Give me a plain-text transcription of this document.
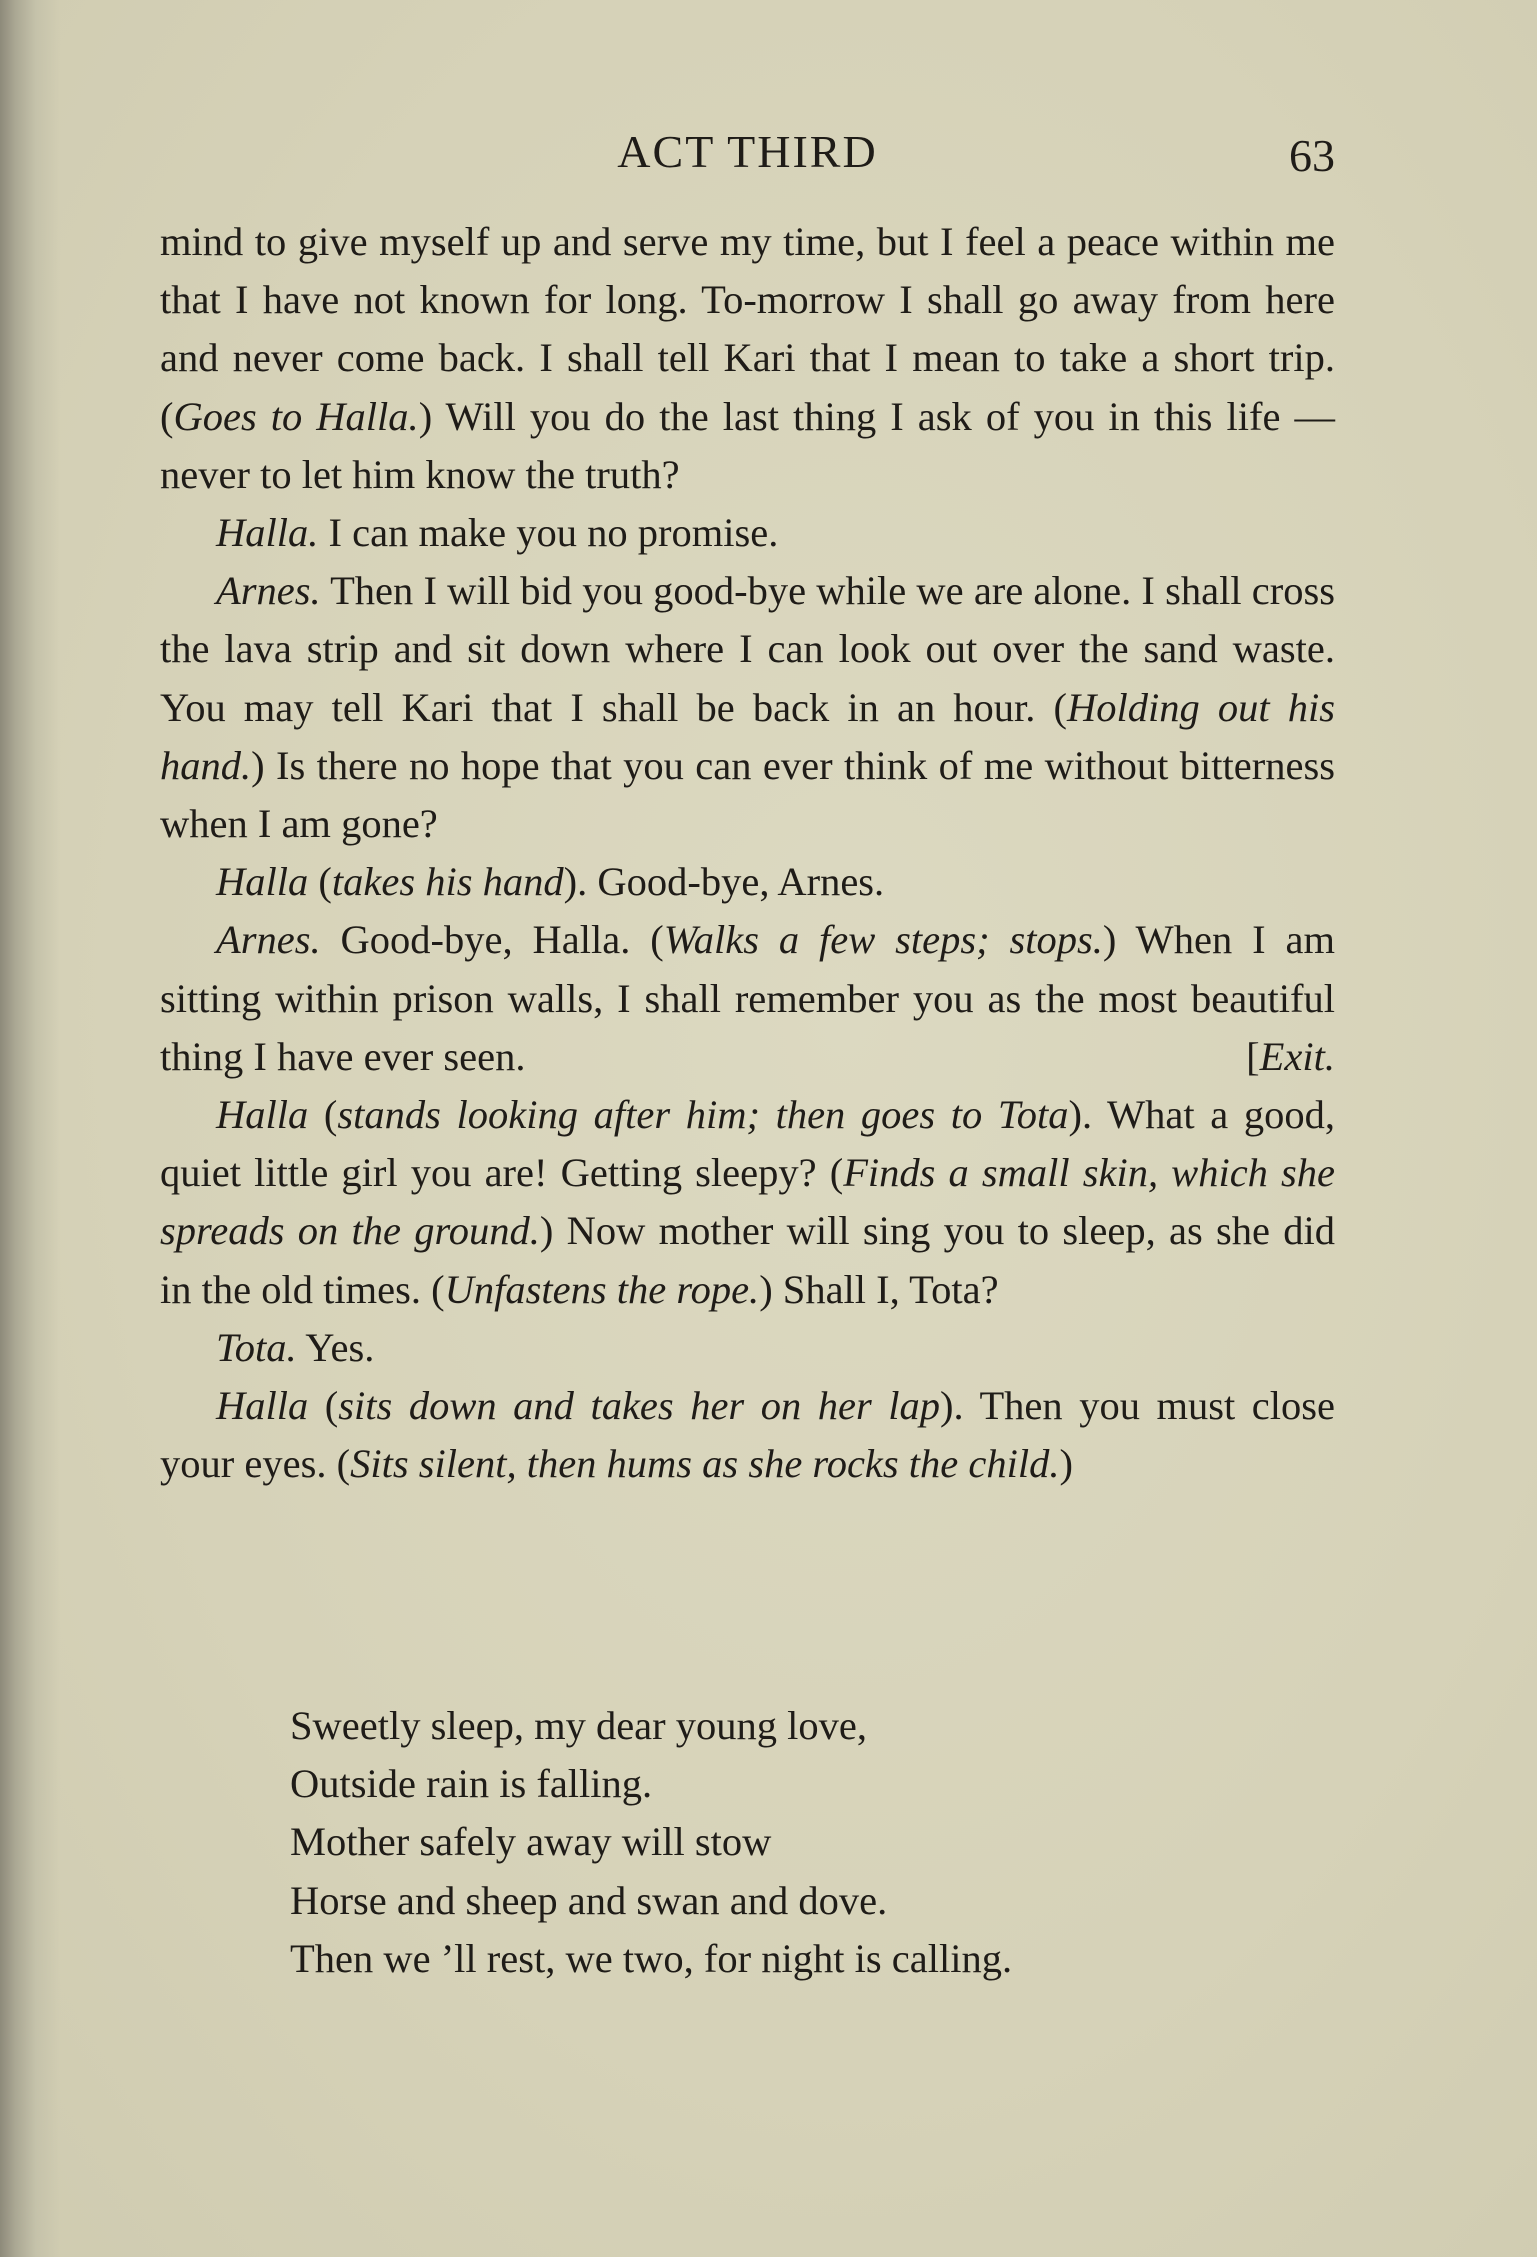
ACT THIRD	63

mind to give myself up and serve my time, but I feel a peace within me that I have not known for long. To-morrow I shall go away from here and never come back. I shall tell Kari that I mean to take a short trip. (Goes to Halla.) Will you do the last thing I ask of you in this life — never to let him know the truth?

Halla. I can make you no promise.

Arnes. Then I will bid you good-bye while we are alone. I shall cross the lava strip and sit down where I can look out over the sand waste. You may tell Kari that I shall be back in an hour. (Holding out his hand.) Is there no hope that you can ever think of me without bitterness when I am gone?

Halla (takes his hand). Good-bye, Arnes.

Arnes. Good-bye, Halla. (Walks a few steps; stops.) When I am sitting within prison walls, I shall remember you as the most beautiful thing I have ever seen.	[Exit.

Halla (stands looking after him; then goes to Tota). What a good, quiet little girl you are! Getting sleepy? (Finds a small skin, which she spreads on the ground.) Now mother will sing you to sleep, as she did in the old times. (Unfastens the rope.) Shall I, Tota?

Tota. Yes.

Halla (sits down and takes her on her lap). Then you must close your eyes. (Sits silent, then hums as she rocks the child.)

Sweetly sleep, my dear young love,
Outside rain is falling.
Mother safely away will stow
Horse and sheep and swan and dove.
Then we ’ll rest, we two, for night is calling.
